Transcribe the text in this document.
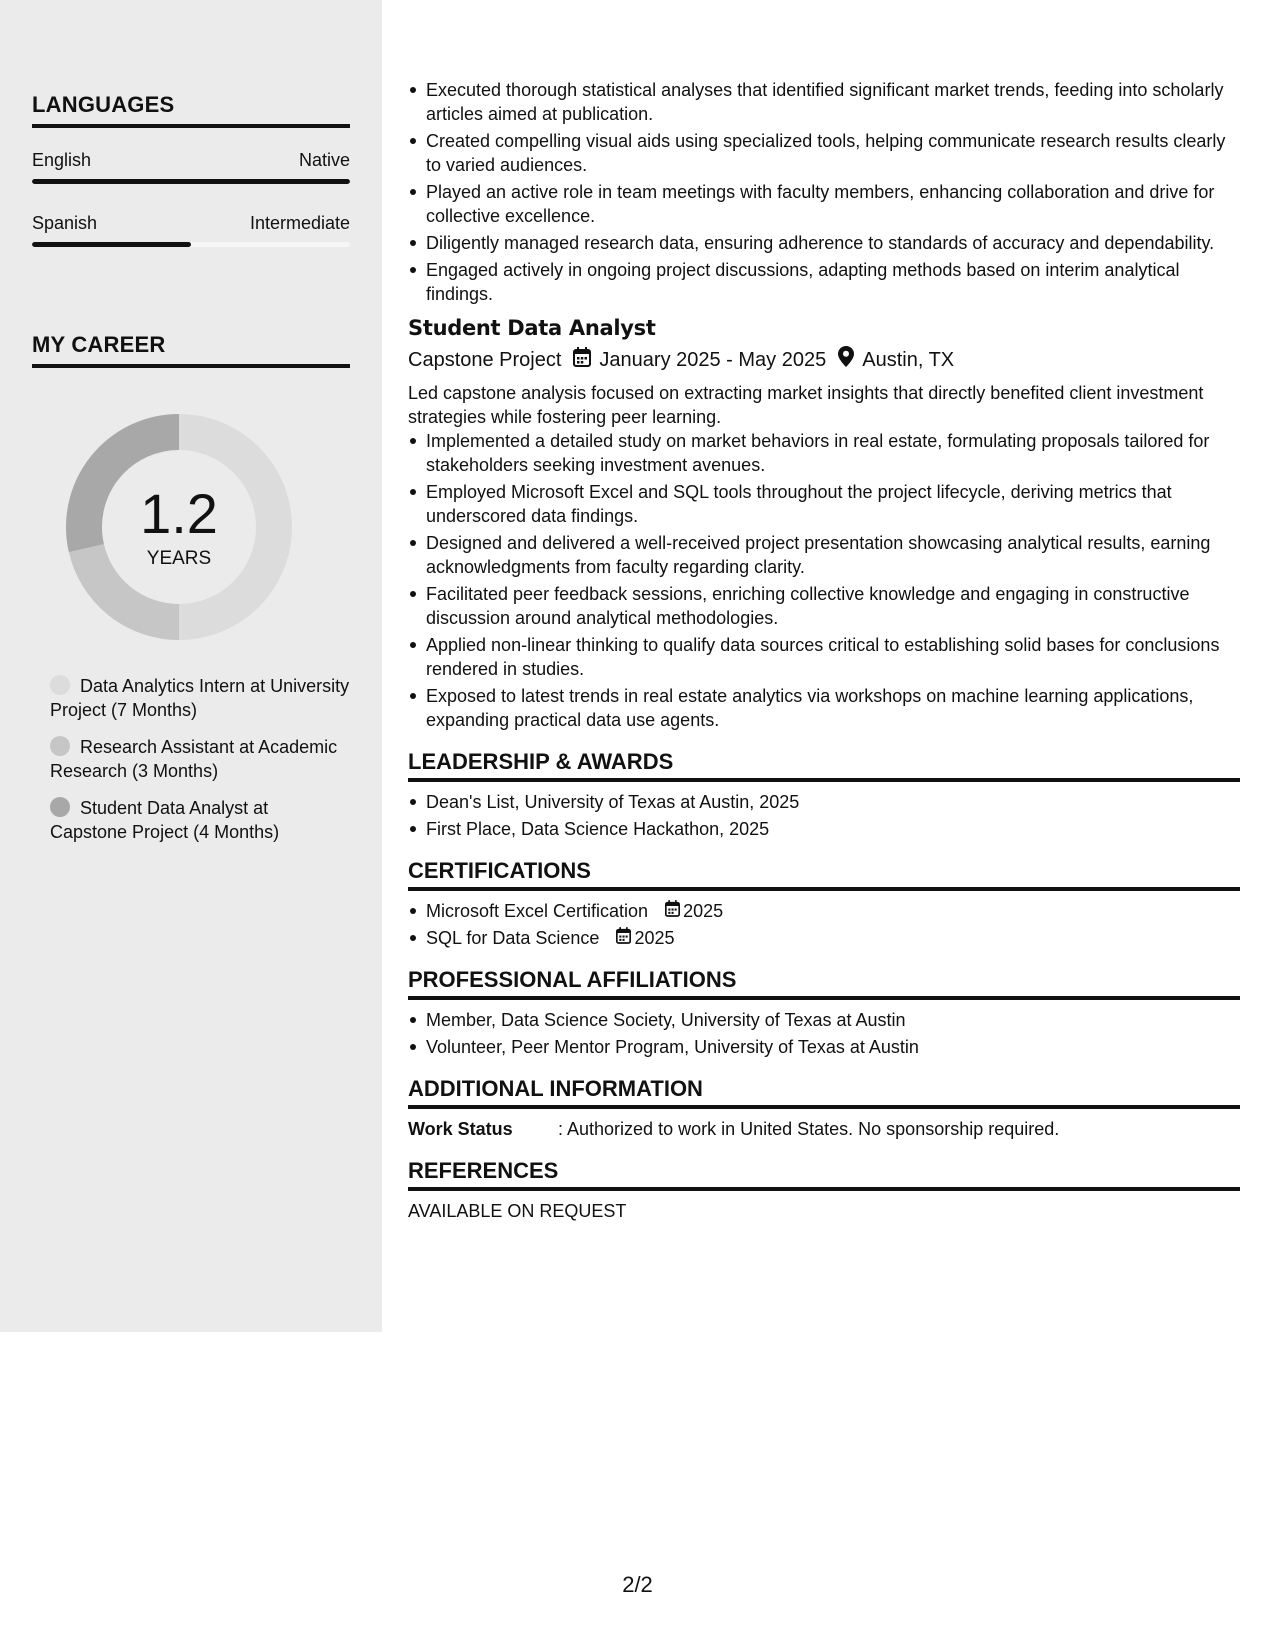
LANGUAGES
English	Native
Spanish	Intermediate
MY CAREER
1.2
YEARS
Data Analytics Intern at University Project (7 Months)
Research Assistant at Academic Research (3 Months)
Student Data Analyst at Capstone Project (4 Months)
Executed thorough statistical analyses that identified significant market trends, feeding into scholarly articles aimed at publication.
Created compelling visual aids using specialized tools, helping communicate research results clearly to varied audiences.
Played an active role in team meetings with faculty members, enhancing collaboration and drive for collective excellence.
Diligently managed research data, ensuring adherence to standards of accuracy and dependability.
Engaged actively in ongoing project discussions, adapting methods based on interim analytical findings.
Student Data Analyst
Capstone Project January 2025 - May 2025 Austin, TX
Led capstone analysis focused on extracting market insights that directly benefited client investment strategies while fostering peer learning.
Implemented a detailed study on market behaviors in real estate, formulating proposals tailored for stakeholders seeking investment avenues.
Employed Microsoft Excel and SQL tools throughout the project lifecycle, deriving metrics that underscored data findings.
Designed and delivered a well-received project presentation showcasing analytical results, earning acknowledgments from faculty regarding clarity.
Facilitated peer feedback sessions, enriching collective knowledge and engaging in constructive discussion around analytical methodologies.
Applied non-linear thinking to qualify data sources critical to establishing solid bases for conclusions rendered in studies.
Exposed to latest trends in real estate analytics via workshops on machine learning applications, expanding practical data use agents.
LEADERSHIP & AWARDS
Dean's List, University of Texas at Austin, 2025
First Place, Data Science Hackathon, 2025
CERTIFICATIONS
Microsoft Excel Certification 2025
SQL for Data Science 2025
PROFESSIONAL AFFILIATIONS
Member, Data Science Society, University of Texas at Austin
Volunteer, Peer Mentor Program, University of Texas at Austin
ADDITIONAL INFORMATION
Work Status	: Authorized to work in United States. No sponsorship required.
REFERENCES
AVAILABLE ON REQUEST
2/2
